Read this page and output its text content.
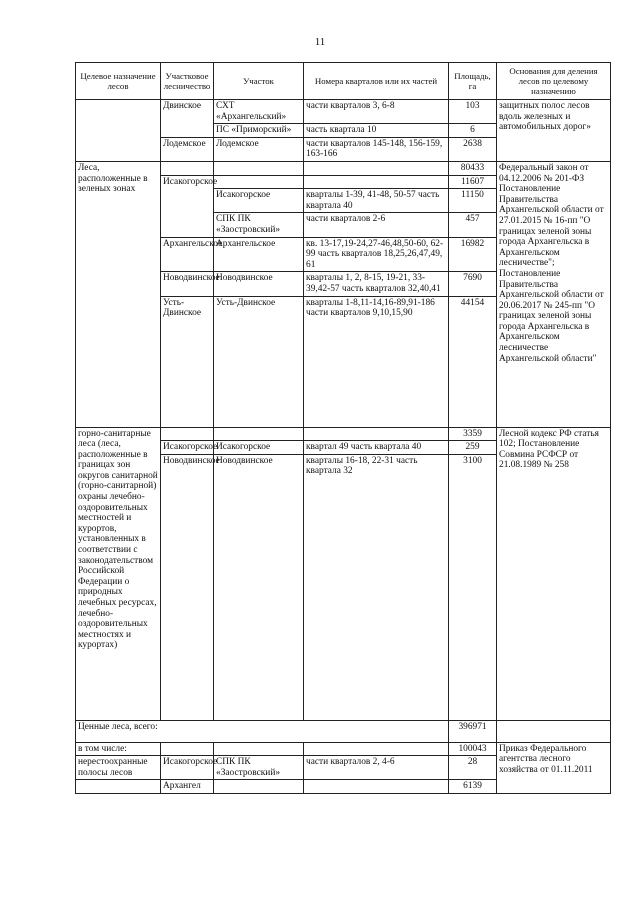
11
Целевое назначение лесов	Участковое лесничество	Участок	Номера кварталов или их частей	Площадь, га	Основания для деления лесов по целевому назначению
	Двинское	СХТ «Архангельский»	части кварталов 3, 6-8	103	защитных полос лесов вдоль железных и автомобильных дорог»
		ПС «Приморский»	часть квартала 10	6	
	Лодемское	Лодемское	части кварталов 145-148, 156-159, 163-166	2638	
Леса, расположенные в зеленых зонах				80433	Федеральный закон от 04.12.2006 № 201-ФЗ Постановление Правительства Архангельской области от 27.01.2015 № 16-пп "О границах зеленой зоны города Архангельска в Архангельском лесничестве"; Постановление Правительства Архангельской области от 20.06.2017 № 245-пп "О границах зеленой зоны города Архангельска в Архангельском лесничестве Архангельской области"
	Исакогорское			11607	
		Исакогорское	кварталы 1-39, 41-48, 50-57 часть квартала 40	11150	
		СПК ПК «Заостровский»	части кварталов 2-6	457	
	Архангельское	Архангельское	кв. 13-17,19-24,27-46,48,50-60, 62-99 часть кварталов 18,25,26,47,49, 61	16982	
	Новодвинское	Новодвинское	кварталы 1, 2, 8-15, 19-21, 33-39,42-57 часть кварталов 32,40,41	7690	
	Усть-Двинское	Усть-Двинское	кварталы 1-8,11-14,16-89,91-186 части кварталов 9,10,15,90	44154	
горно-санитарные леса (леса, расположенные в границах зон округов санитарной (горно-санитарной) охраны лечебно-оздоровительных местностей и курортов, установленных в соответствии с законодательством Российской Федерации о природных лечебных ресурсах, лечебно-оздоровительных местностях и курортах)				3359	Лесной кодекс РФ статья 102; Постановление Совмина РСФСР от 21.08.1989 № 258
	Исакогорское	Исакогорское	квартал 49 часть квартала 40	259	
	Новодвинское	Новодвинское	кварталы 16-18, 22-31 часть квартала 32	3100	
Ценные леса, всего:				396971	
в том числе:				100043	Приказ Федерального агентства лесного хозяйства от 01.11.2011
нерестоохранные полосы лесов	Исакогорское	СПК ПК «Заостровский»	части кварталов 2, 4-6	28	
	Архангел			6139	
